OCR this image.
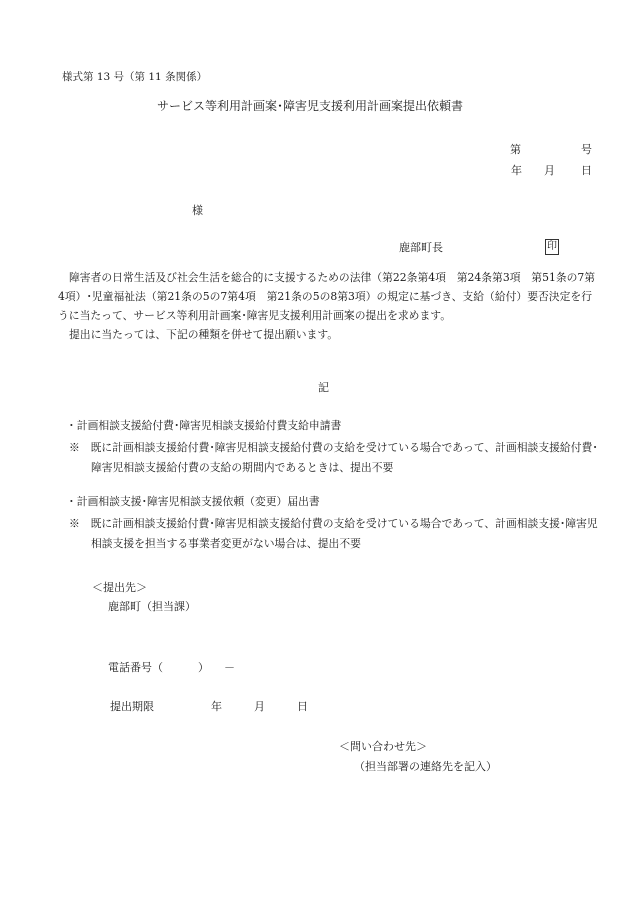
様式第 13 号（第 11 条関係）
サービス等利用計画案･障害児支援利用計画案提出依頼書
第	号
年 月 日
様
鹿部町長	印

障害者の日常生活及び社会生活を総合的に支援するための法律（第22条第4項　第24条第3項　第51条の7第4項）･児童福祉法（第21条の5の7第4項　第21条の5の8第3項）の規定に基づき、支給（給付）要否決定を行うに当たって、サービス等利用計画案･障害児支援利用計画案の提出を求めます。

提出に当たっては、下記の種類を併せて提出願います。

記

・計画相談支援給付費･障害児相談支援給付費支給申請書

※　既に計画相談支援給付費･障害児相談支援給付費の支給を受けている場合であって、計画相談支援給付費･障害児相談支援給付費の支給の期間内であるときは、提出不要

・計画相談支援･障害児相談支援依頼（変更）届出書

※　既に計画相談支援給付費･障害児相談支援給付費の支給を受けている場合であって、計画相談支援･障害児相談支援を担当する事業者変更がない場合は、提出不要

＜提出先＞
鹿部町（担当課）
電話番号（	） －
提出期限	年	月	日
＜問い合わせ先＞
（担当部署の連絡先を記入）
